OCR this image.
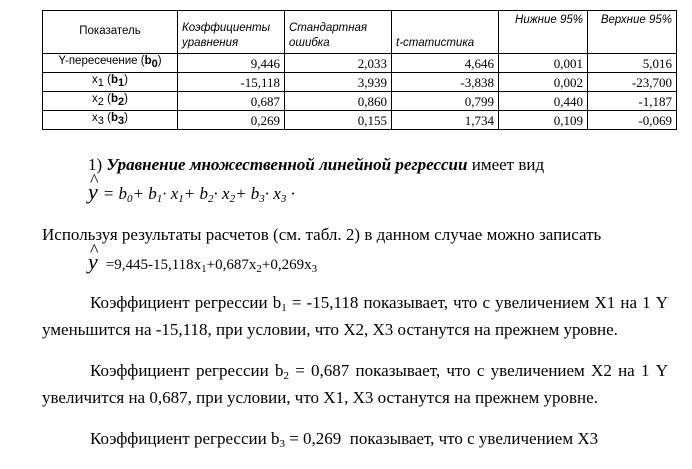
Показатель	Коэффициенты уравнения	Стандартная ошибка	t-статистика	Нижние 95%	Верхние 95%
Y-пересечение $(b_0)$	9,446	2,033	4,646	0,001	5,016
$x_1$ $(b_1)$	-15,118	3,939	-3,838	0,002	-23,700
$x_2$ $(b_2)$	0,687	0,860	0,799	0,440	-1,187
$x_3$ $(b_3)$	0,269	0,155	1,734	0,109	-0,069
1) Уравнение множественной линейной регрессии имеет вид
^ $y = b_0+ b_1\cdot x_1+ b_2\cdot x_2+ b_3\cdot x_3$ ·
Используя результаты расчетов (см. табл. 2) в данном случае можно записать
^ $y =9,445-15,118x_1+0,687x_2+0,269x_3$
Коэффициент регрессии $b_1 = -15,118$ показывает, что с увеличением X1 на 1 Y уменьшится на -15,118, при условии, что X2, X3 останутся на прежнем уровне.
Коэффициент регрессии $b_2 = 0,687$ показывает, что с увеличением X2 на 1 Y увеличится на 0,687, при условии, что X1, X3 останутся на прежнем уровне.
Коэффициент регрессии $b_3 = 0,269$  показывает, что с увеличением X3
